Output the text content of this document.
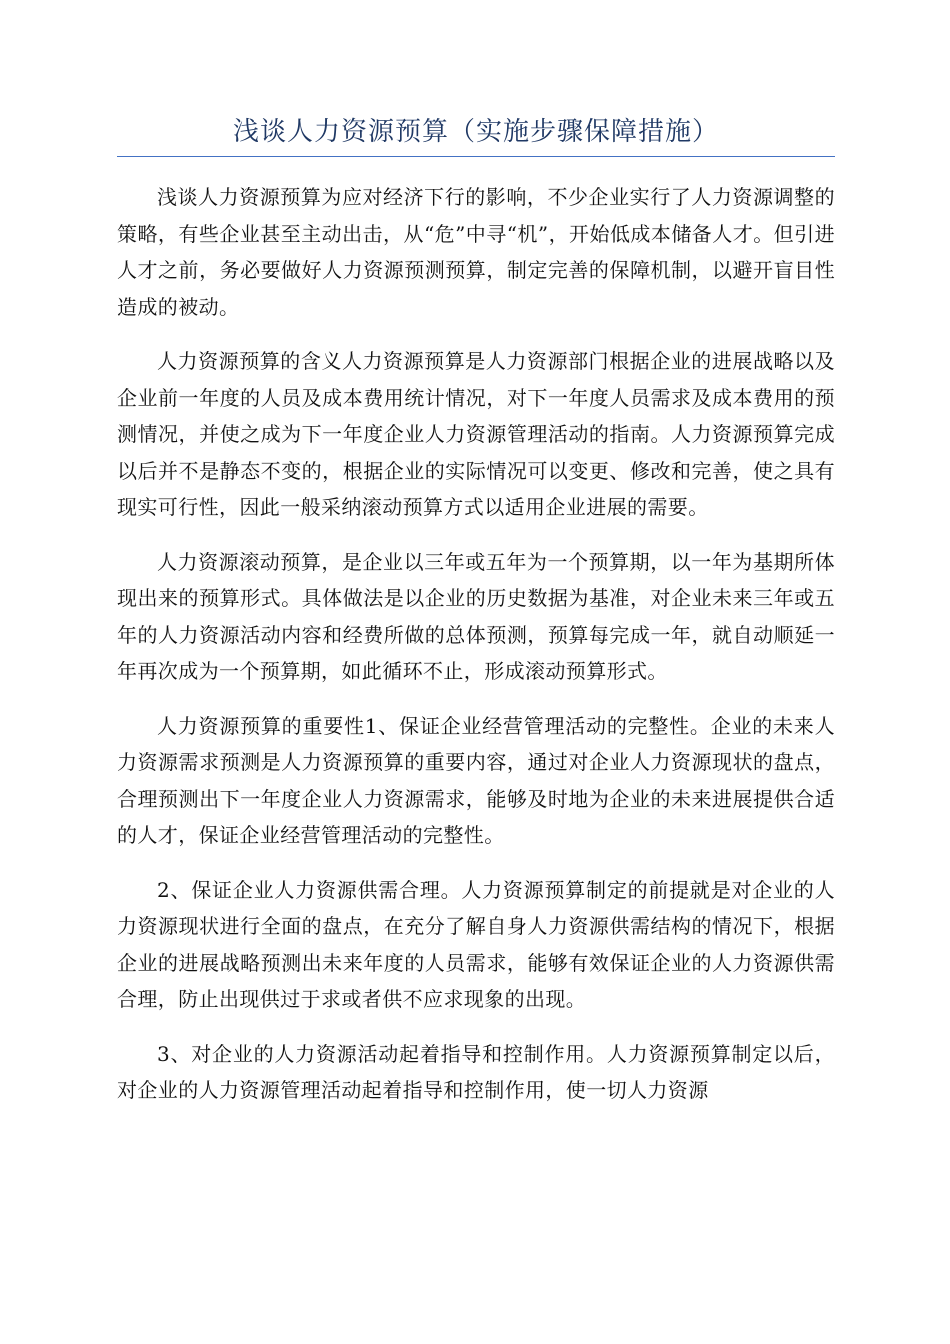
浅谈人力资源预算（实施步骤保障措施）

浅谈人力资源预算为应对经济下行的影响，不少企业实行了人力资源调整的策略，有些企业甚至主动出击，从“危”中寻“机”，开始低成本储备人才。但引进人才之前，务必要做好人力资源预测预算，制定完善的保障机制，以避开盲目性造成的被动。

人力资源预算的含义人力资源预算是人力资源部门根据企业的进展战略以及企业前一年度的人员及成本费用统计情况，对下一年度人员需求及成本费用的预测情况，并使之成为下一年度企业人力资源管理活动的指南。人力资源预算完成以后并不是静态不变的，根据企业的实际情况可以变更、修改和完善，使之具有现实可行性，因此一般采纳滚动预算方式以适用企业进展的需要。

人力资源滚动预算，是企业以三年或五年为一个预算期，以一年为基期所体现出来的预算形式。具体做法是以企业的历史数据为基准，对企业未来三年或五年的人力资源活动内容和经费所做的总体预测，预算每完成一年，就自动顺延一年再次成为一个预算期，如此循环不止，形成滚动预算形式。

人力资源预算的重要性1、保证企业经营管理活动的完整性。企业的未来人力资源需求预测是人力资源预算的重要内容，通过对企业人力资源现状的盘点，合理预测出下一年度企业人力资源需求，能够及时地为企业的未来进展提供合适的人才，保证企业经营管理活动的完整性。

2、保证企业人力资源供需合理。人力资源预算制定的前提就是对企业的人力资源现状进行全面的盘点，在充分了解自身人力资源供需结构的情况下，根据企业的进展战略预测出未来年度的人员需求，能够有效保证企业的人力资源供需合理，防止出现供过于求或者供不应求现象的出现。

3、对企业的人力资源活动起着指导和控制作用。人力资源预算制定以后，对企业的人力资源管理活动起着指导和控制作用，使一切人力资源
